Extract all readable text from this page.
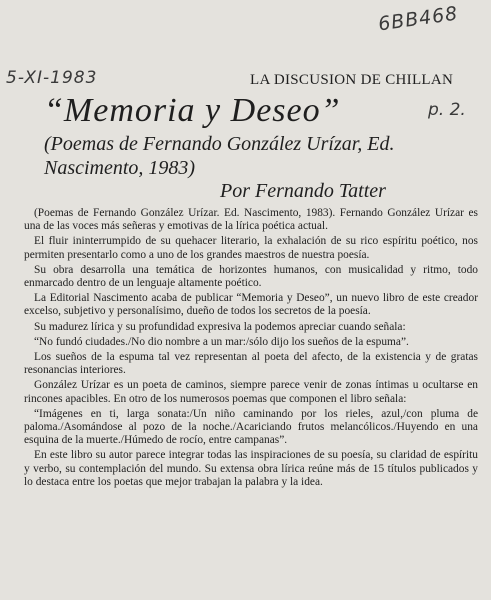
6BB468
5-XI-1983
p. 2.
LA DISCUSION DE CHILLAN
“Memoria y Deseo”
(Poemas de Fernando González Urízar, Ed. Nascimento, 1983)
Por Fernando Tatter

(Poemas de Fernando González Urízar. Ed. Nascimento, 1983). Fernando González Urízar es una de las voces más señeras y emotivas de la lírica poética actual.

El fluir ininterrumpido de su quehacer literario, la exhalación de su rico espíritu poético, nos permiten presentarlo como a uno de los grandes maestros de nuestra poesía.

Su obra desarrolla una temática de horizontes humanos, con musicalidad y ritmo, todo enmarcado dentro de un lenguaje altamente poético.

La Editorial Nascimento acaba de publicar “Memoria y Deseo”, un nuevo libro de este creador excelso, subjetivo y personalísimo, dueño de todos los secretos de la poesía.

Su madurez lírica y su profundidad expresiva la podemos apreciar cuando señala:

“No fundó ciudades./No dio nombre a un mar:/sólo dijo los sueños de la espuma”.

Los sueños de la espuma tal vez representan al poeta del afecto, de la existencia y de gratas resonancias interiores.

González Urízar es un poeta de caminos, siempre parece venir de zonas íntimas u ocultarse en rincones apacibles. En otro de los numerosos poemas que componen el libro señala:

“Imágenes en ti, larga sonata:/Un niño caminando por los rieles, azul,/con pluma de paloma./Asomándose al pozo de la noche./Acariciando frutos melancólicos./Huyendo en una esquina de la muerte./Húmedo de rocío, entre campanas”.

En este libro su autor parece integrar todas las inspiraciones de su poesía, su claridad de espíritu y verbo, su contemplación del mundo. Su extensa obra lírica reúne más de 15 títulos publicados y lo destaca entre los poetas que mejor trabajan la palabra y la idea.
